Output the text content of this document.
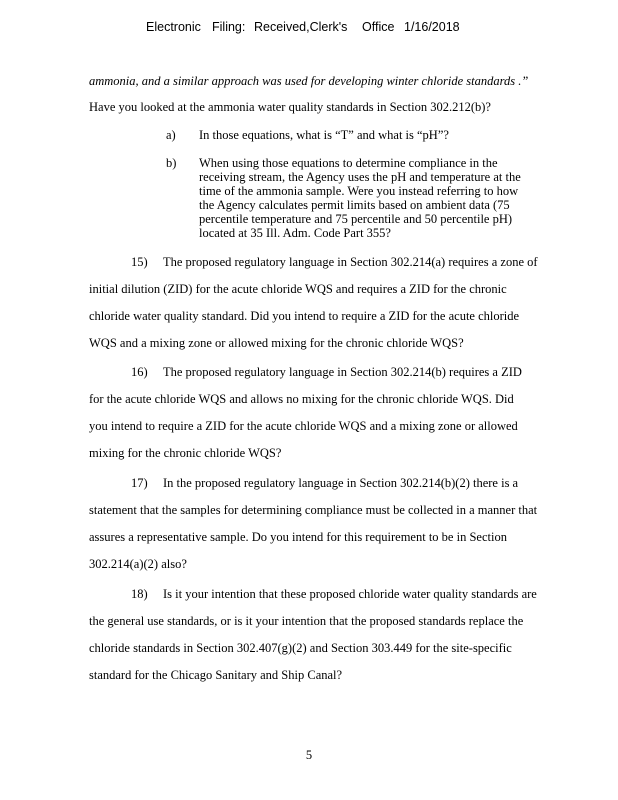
Electronic

Filing:

Received,Clerk's

Office

1/16/2018

ammonia, and a similar approach was used for developing winter chloride standards .”
Have you looked at the ammonia water quality standards in Section 302.212(b)?
a) In those equations, what is “T” and what is “pH”?
b) When using those equations to determine compliance in the
receiving stream, the Agency uses the pH and temperature at the
time of the ammonia sample. Were you instead referring to how
the Agency calculates permit limits based on ambient data (75
percentile temperature and 75 percentile and 50 percentile pH)
located at 35 Ill. Adm. Code Part 355?
15) The proposed regulatory language in Section 302.214(a) requires a zone of
initial dilution (ZID) for the acute chloride WQS and requires a ZID for the chronic
chloride water quality standard. Did you intend to require a ZID for the acute chloride
WQS and a mixing zone or allowed mixing for the chronic chloride WQS?
16) The proposed regulatory language in Section 302.214(b) requires a ZID
for the acute chloride WQS and allows no mixing for the chronic chloride WQS. Did
you intend to require a ZID for the acute chloride WQS and a mixing zone or allowed
mixing for the chronic chloride WQS?
17) In the proposed regulatory language in Section 302.214(b)(2) there is a
statement that the samples for determining compliance must be collected in a manner that
assures a representative sample. Do you intend for this requirement to be in Section
302.214(a)(2) also?
18) Is it your intention that these proposed chloride water quality standards are
the general use standards, or is it your intention that the proposed standards replace the
chloride standards in Section 302.407(g)(2) and Section 303.449 for the site-specific
standard for the Chicago Sanitary and Ship Canal?
5
